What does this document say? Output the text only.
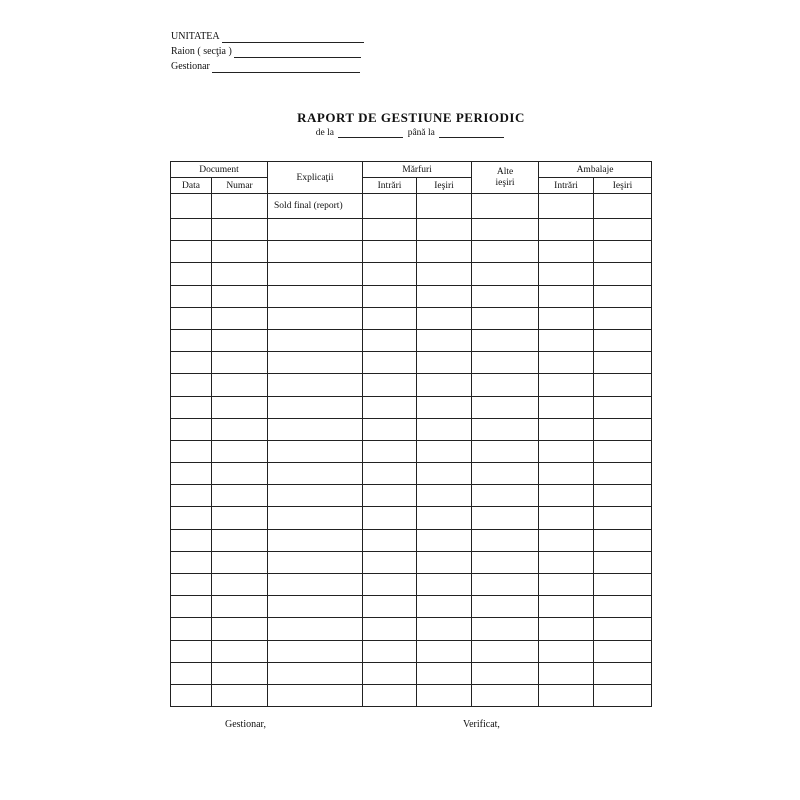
UNITATEA
Raion ( secţia )
Gestionar
RAPORT DE GESTIUNE PERIODIC
de la	până la
Document		Explicaţii	Mărfuri		Alte ieşiri	Ambalaje	
Data	Numar		Intrări	Ieşiri		Intrări	Ieşiri
		Sold final (report)					

Gestionar,	Verificat,
